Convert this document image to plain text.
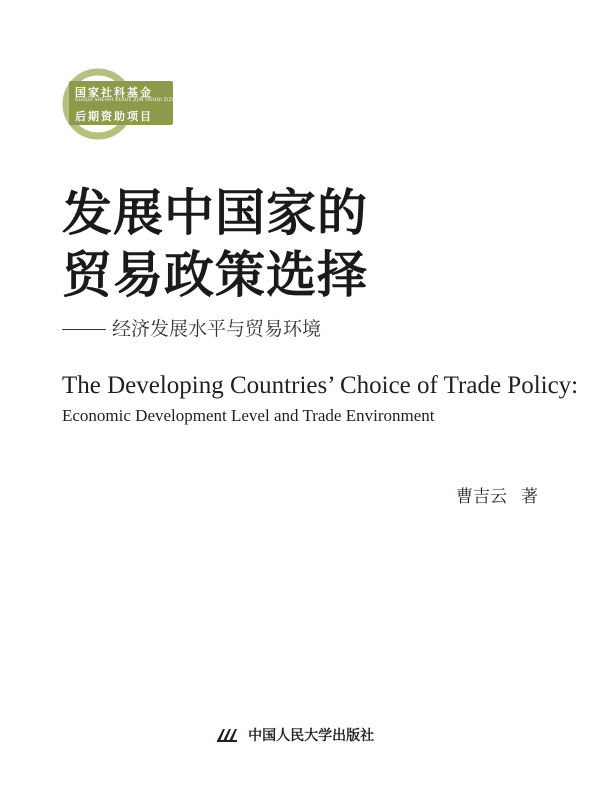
国家社科基金
GUOJIA SHEHUI KEXUE JIJIN HOUQI ZIZHU XIANGMU
后期资助项目
发展中国家的
贸易政策选择
经济发展水平与贸易环境
The Developing Countries’ Choice of Trade Policy:
Economic Development Level and Trade Environment
曹吉云 著
中国人民大学出版社
